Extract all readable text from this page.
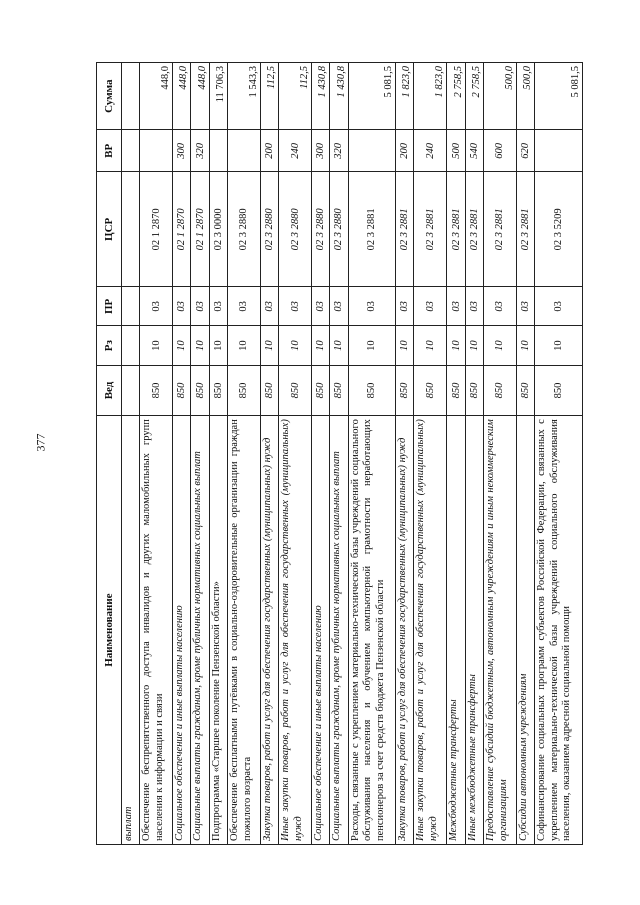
377
Наименование	Вед	Рз	ПР	ЦСР	ВР	Сумма
выплат						
Обеспечение беспрепятственного доступа инвалидов и других маломобильных групп населения к информации и связи	850	10	03	02 1 2870		448,0
Социальное обеспечение и иные выплаты населению	850	10	03	02 1 2870	300	448,0
Социальные выплаты гражданам, кроме публичных нормативных социальных выплат	850	10	03	02 1 2870	320	448,0
Подпрограмма «Старшее поколение Пензенской области»	850	10	03	02 3 0000		11 706,3
Обеспечение бесплатными путёвками в социально-оздоровительные организации граждан пожилого возраста	850	10	03	02 3 2880		1 543,3
Закупка товаров, работ и услуг для обеспечения государственных (муниципальных) нужд	850	10	03	02 3 2880	200	112,5
Иные закупки товаров, работ и услуг для обеспечения государственных (муниципальных) нужд	850	10	03	02 3 2880	240	112,5
Социальное обеспечение и иные выплаты населению	850	10	03	02 3 2880	300	1 430,8
Социальные выплаты гражданам, кроме публичных нормативных социальных выплат	850	10	03	02 3 2880	320	1 430,8
Расходы, связанные с укреплением материально-технической базы учреждений социального обслуживания населения и обучением компьютерной грамотности неработающих пенсионеров за счет средств бюджета Пензенской области	850	10	03	02 3 2881		5 081,5
Закупка товаров, работ и услуг для обеспечения государственных (муниципальных) нужд	850	10	03	02 3 2881	200	1 823,0
Иные закупки товаров, работ и услуг для обеспечения государственных (муниципальных) нужд	850	10	03	02 3 2881	240	1 823,0
Межбюджетные трансферты	850	10	03	02 3 2881	500	2 758,5
Иные межбюджетные трансферты	850	10	03	02 3 2881	540	2 758,5
Предоставление субсидий бюджетным, автономным учреждениям и иным некоммерческим организациям	850	10	03	02 3 2881	600	500,0
Субсидии автономным учреждениям	850	10	03	02 3 2881	620	500,0
Софинансирование социальных программ субъектов Российской Федерации, связанных с укреплением материально-технической базы учреждений социального обслуживания населения, оказанием адресной социальной помощи	850	10	03	02 3 5209		5 081,5
